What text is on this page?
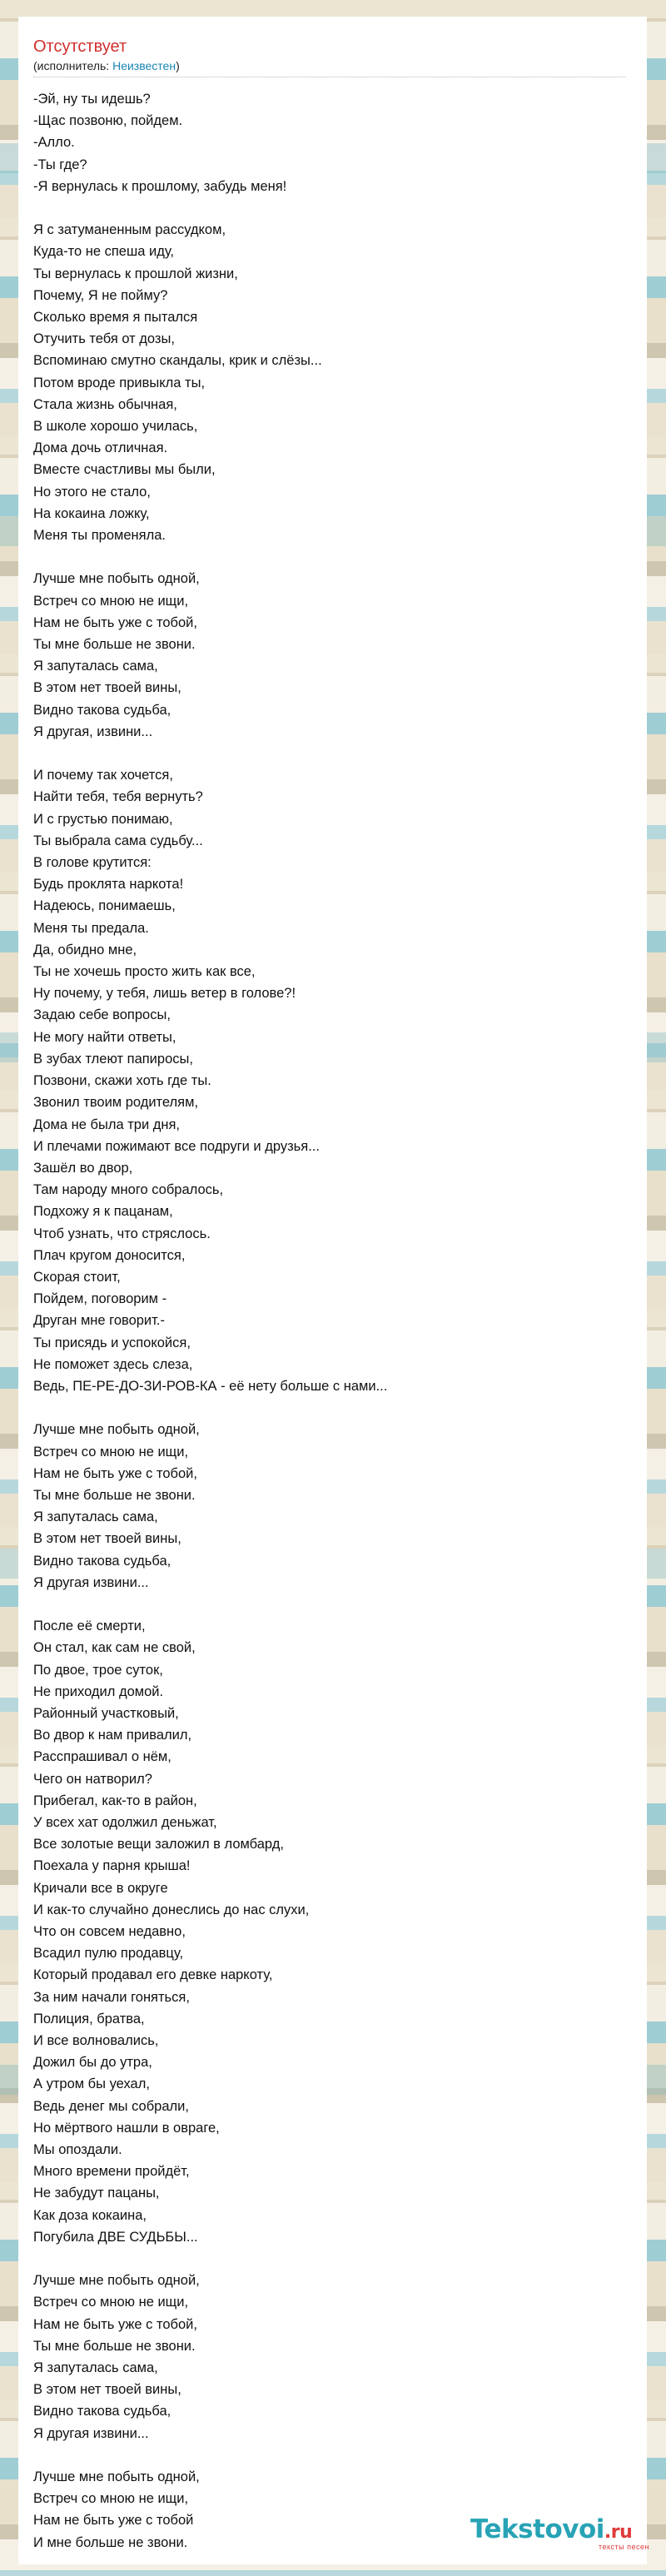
Отсутствует
(исполнитель: Неизвестен)
-Эй, ну ты идешь?
-Щас позвоню, пойдем.
-Алло.
-Ты где?
-Я вернулась к прошлому, забудь меня!
Я с затуманенным рассудком,
Куда-то не спеша иду,
Ты вернулась к прошлой жизни,
Почему, Я не пойму?
Сколько время я пытался
Отучить тебя от дозы,
Вспоминаю смутно скандалы, крик и слёзы...
Потом вроде привыкла ты,
Стала жизнь обычная,
В школе хорошо училась,
Дома дочь отличная.
Вместе счастливы мы были,
Но этого не стало,
На кокаина ложку,
Меня ты променяла.
Лучше мне побыть одной,
Встреч со мною не ищи,
Нам не быть уже с тобой,
Ты мне больше не звони.
Я запуталась сама,
В этом нет твоей вины,
Видно такова судьба,
Я другая, извини...
И почему так хочется,
Найти тебя, тебя вернуть?
И с грустью понимаю,
Ты выбрала сама судьбу...
В голове крутится:
Будь проклята наркота!
Надеюсь, понимаешь,
Меня ты предала.
Да, обидно мне,
Ты не хочешь просто жить как все,
Ну почему, у тебя, лишь ветер в голове?!
Задаю себе вопросы,
Не могу найти ответы,
В зубах тлеют папиросы,
Позвони, скажи хоть где ты.
Звонил твоим родителям,
Дома не была три дня,
И плечами пожимают все подруги и друзья...
Зашёл во двор,
Там народу много собралось,
Подхожу я к пацанам,
Чтоб узнать, что стряслось.
Плач кругом доносится,
Скорая стоит,
Пойдем, поговорим -
Друган мне говорит.-
Ты присядь и успокойся,
Не поможет здесь слеза,
Ведь, ПЕ-РЕ-ДО-ЗИ-РОВ-КА - её нету больше с нами...
Лучше мне побыть одной,
Встреч со мною не ищи,
Нам не быть уже с тобой,
Ты мне больше не звони.
Я запуталась сама,
В этом нет твоей вины,
Видно такова судьба,
Я другая извини...
После её смерти,
Он стал, как сам не свой,
По двое, трое суток,
Не приходил домой.
Районный участковый,
Во двор к нам привалил,
Расспрашивал о нём,
Чего он натворил?
Прибегал, как-то в район,
У всех хат одолжил деньжат,
Все золотые вещи заложил в ломбард,
Поехала у парня крыша!
Кричали все в округе
И как-то случайно донеслись до нас слухи,
Что он совсем недавно,
Всадил пулю продавцу,
Который продавал его девке наркоту,
За ним начали гоняться,
Полиция, братва,
И все волновались,
Дожил бы до утра,
А утром бы уехал,
Ведь денег мы собрали,
Но мёртвого нашли в овраге,
Мы опоздали.
Много времени пройдёт,
Не забудут пацаны,
Как доза кокаина,
Погубила ДВЕ СУДЬБЫ...
Лучше мне побыть одной,
Встреч со мною не ищи,
Нам не быть уже с тобой,
Ты мне больше не звони.
Я запуталась сама,
В этом нет твоей вины,
Видно такова судьба,
Я другая извини...
Лучше мне побыть одной,
Встреч со мною не ищи,
Нам не быть уже с тобой
И мне больше не звони.	Tekstovoi.ru
тексты песен
